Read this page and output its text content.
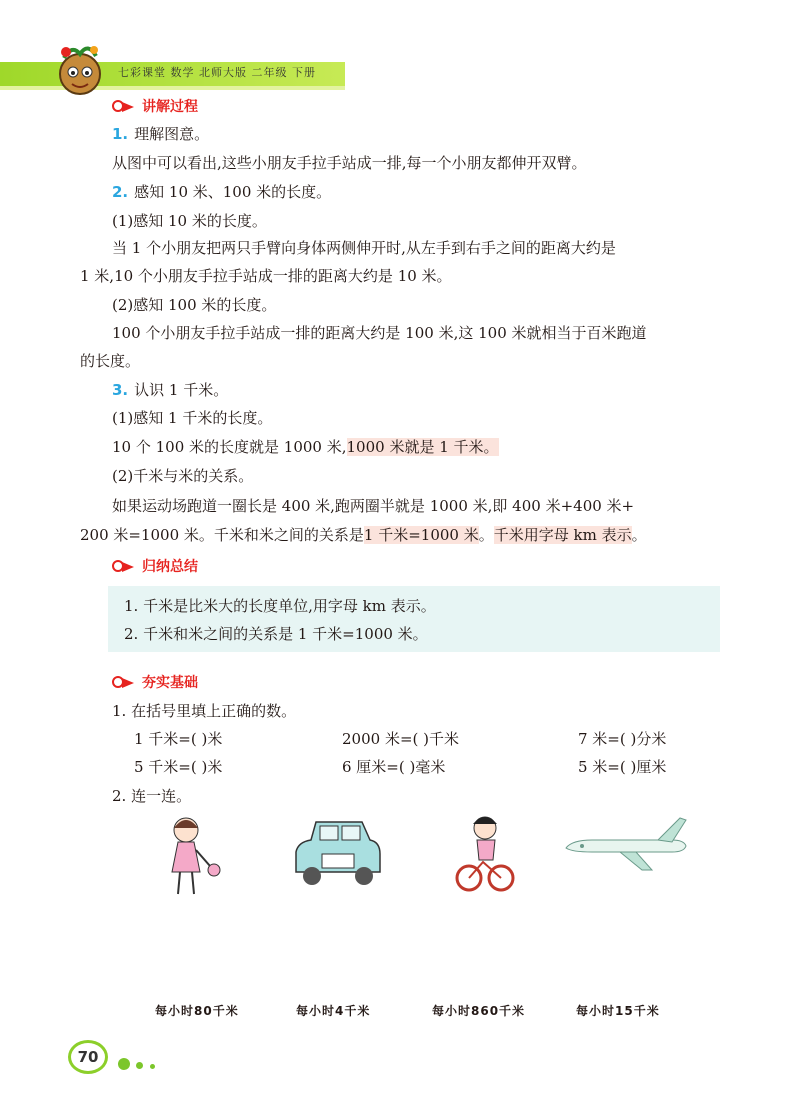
七彩课堂 数学 北师大版 二年级 下册
讲解过程
1. 理解图意。
从图中可以看出,这些小朋友手拉手站成一排,每一个小朋友都伸开双臂。
2. 感知 10 米、100 米的长度。
(1)感知 10 米的长度。
当 1 个小朋友把两只手臂向身体两侧伸开时,从左手到右手之间的距离大约是
1 米,10 个小朋友手拉手站成一排的距离大约是 10 米。
(2)感知 100 米的长度。
100 个小朋友手拉手站成一排的距离大约是 100 米,这 100 米就相当于百米跑道
的长度。
3. 认识 1 千米。
(1)感知 1 千米的长度。
10 个 100 米的长度就是 1000 米,1000 米就是 1 千米。
(2)千米与米的关系。
如果运动场跑道一圈长是 400 米,跑两圈半就是 1000 米,即 400 米+400 米+
200 米=1000 米。千米和米之间的关系是1 千米=1000 米。千米用字母 km 表示。
归纳总结
1. 千米是比米大的长度单位,用字母 km 表示。
2. 千米和米之间的关系是 1 千米=1000 米。
夯实基础
1. 在括号里填上正确的数。
1 千米=( )米	2000 米=( )千米	7 米=( )分米
5 千米=( )米	6 厘米=( )毫米	5 米=( )厘米
2. 连一连。
每小时80千米	每小时4千米	每小时860千米	每小时15千米
70
